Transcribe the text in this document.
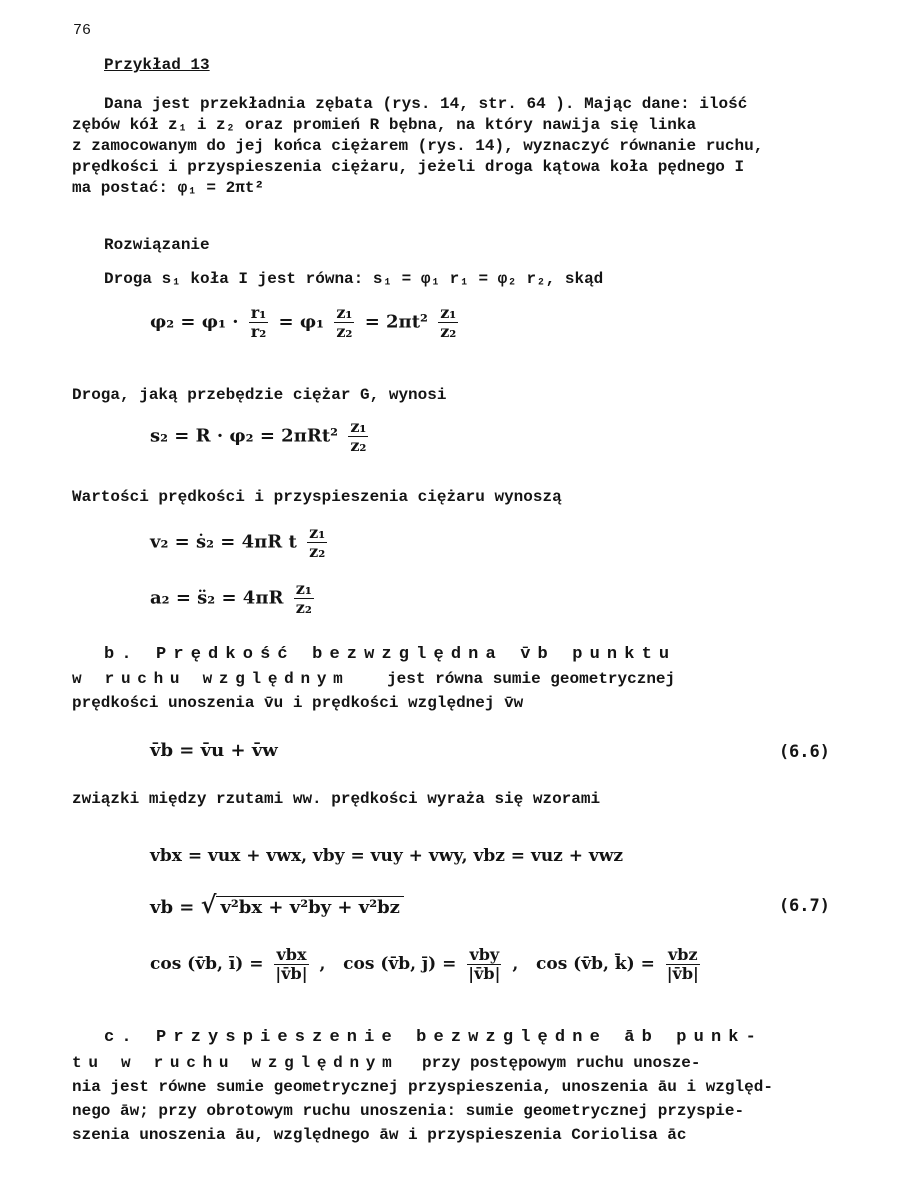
76
Przykład 13
Dana jest przekładnia zębata (rys. 14, str. 64 ). Mając dane: ilość
zębów kół z₁ i z₂ oraz promień R bębna, na który nawija się linka
z zamocowanym do jej końca ciężarem (rys. 14), wyznaczyć równanie ruchu,
prędkości i przyspieszenia ciężaru, jeżeli droga kątowa koła pędnego I
ma postać: φ₁ = 2πt²
Rozwiązanie
Droga s₁ koła I jest równa: s₁ = φ₁ r₁ = φ₂ r₂, skąd
$\varphi_2 = \varphi_1 \cdot \frac{\text{r₁}}{\text{r₂}} = \varphi_1 \frac{\text{z₁}}{\text{z₂}} = 2\pi t^2 \frac{\text{z₁}}{\text{z₂}}$
Droga, jaką przebędzie ciężar G, wynosi
$s_2 = R \cdot \varphi_2 = 2\pi Rt^2 \frac{\text{z₁}}{\text{z₂}}$
Wartości prędkości i przyspieszenia ciężaru wynoszą
v₂ = ṡ₂ = 4πR t $\frac{\text{z₁}}{\text{z₂}}$
a₂ = s̈₂ = $4\pi R \frac{\text{z₁}}{\text{z₂}}$
b. Prędkość bezwzględna v̄b punktu
w ruchu względnym jest równa sumie geometrycznej
prędkości unoszenia v̄u i prędkości względnej v̄w
v̄b = v̄u + v̄w	(6.6)
związki między rzutami ww. prędkości wyraża się wzorami
vbx = vux + vwx, vby = vuy + vwy, vbz = vuz + vwz
vb = √ v²bx + v²by + v²bz	(6.7)
cos (v̄b, ī) = $\frac{\text{vbx}}{|v̄b|}$ ,   cos (v̄b, j̄) = $\frac{\text{vby}}{|v̄b|}$ ,   cos (v̄b, k̄) = $\frac{\text{vbz}}{|v̄b|}$
c. Przyspieszenie bezwzględne āb punk-
tu w ruchu względnym przy postępowym ruchu unosze-
nia jest równe sumie geometrycznej przyspieszenia, unoszenia āu i względ-
nego āw; przy obrotowym ruchu unoszenia: sumie geometrycznej przyspie-
szenia unoszenia āu, względnego āw i przyspieszenia Coriolisa āc
